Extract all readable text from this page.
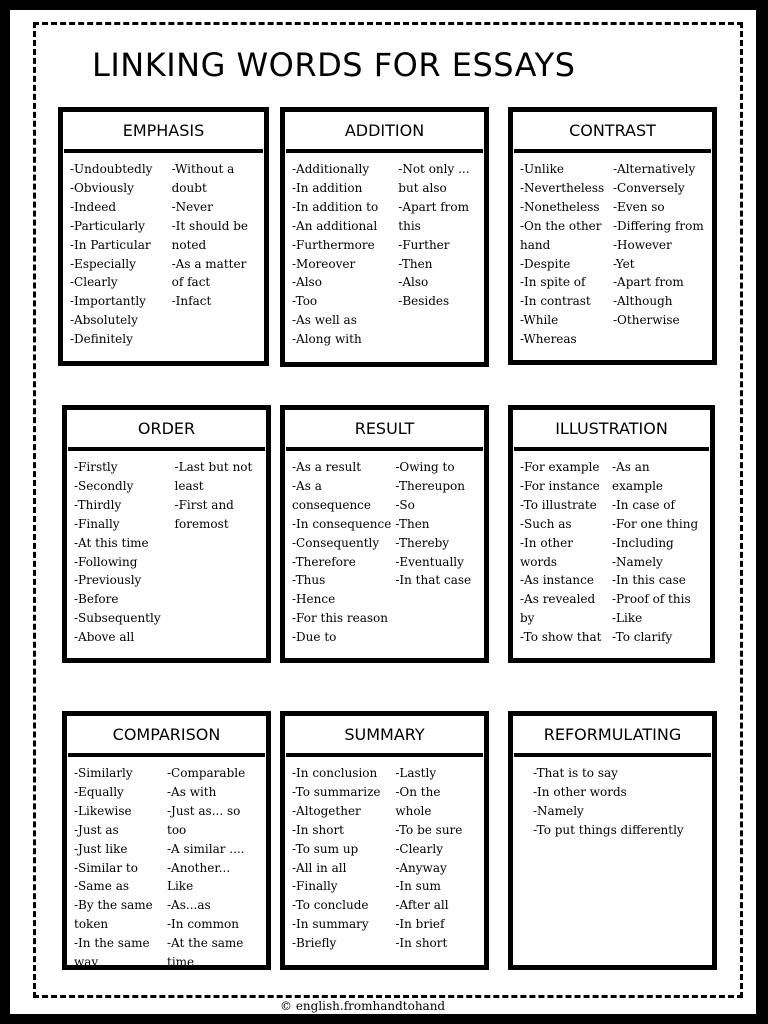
LINKING WORDS FOR ESSAYS
EMPHASIS
-Undoubtedly
-Obviously
-Indeed
-Particularly
-In Particular
-Especially
-Clearly
-Importantly
-Absolutely
-Definitely
-Without a doubt
-Never
-It should be noted
-As a matter of fact
-Infact
ADDITION
-Additionally
-In addition
-In addition to
-An additional
-Furthermore
-Moreover
-Also
-Too
-As well as
-Along with
-Not only ... but also
-Apart from this
-Further
-Then
-Also
-Besides
CONTRAST
-Unlike
-Nevertheless
-Nonetheless
-On the other hand
-Despite
-In spite of
-In contrast
-While
-Whereas
-Alternatively
-Conversely
-Even so
-Differing from
-However
-Yet
-Apart from
-Although
-Otherwise
ORDER
-Firstly
-Secondly
-Thirdly
-Finally
-At this time
-Following
-Previously
-Before
-Subsequently
-Above all
-Last but not least
-First and foremost
RESULT
-As a result
-As a consequence
-In consequence
-Consequently
-Therefore
-Thus
-Hence
-For this reason
-Due to
-Owing to
-Thereupon
-So
-Then
-Thereby
-Eventually
-In that case
ILLUSTRATION
-For example
-For instance
-To illustrate
-Such as
-In other words
-As instance
-As revealed by
-To show that
-As an example
-In case of
-For one thing
-Including
-Namely
-In this case
-Proof of this
-Like
-To clarify
COMPARISON
-Similarly
-Equally
-Likewise
-Just as
-Just like
-Similar to
-Same as
-By the same token
-In the same way
-Comparable
-As with
-Just as... so too
-A similar ....
-Another... Like
-As...as
-In common
-At the same time
SUMMARY
-In conclusion
-To summarize
-Altogether
-In short
-To sum up
-All in all
-Finally
-To conclude
-In summary
-Briefly
-Lastly
-On the whole
-To be sure
-Clearly
-Anyway
-In sum
-After all
-In brief
-In short
REFORMULATING
-That is to say
-In other words
-Namely
-To put things differently
© english.fromhandtohand
